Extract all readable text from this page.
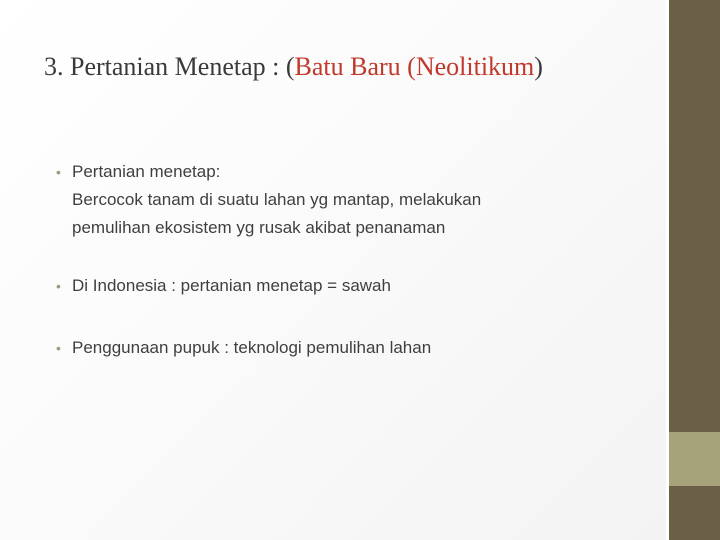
3. Pertanian Menetap : (Batu Baru (Neolitikum)
• Pertanian menetap:
Bercocok tanam di suatu lahan yg mantap, melakukan
pemulihan ekosistem yg rusak akibat penanaman
• Di Indonesia : pertanian menetap = sawah
• Penggunaan pupuk : teknologi pemulihan lahan
